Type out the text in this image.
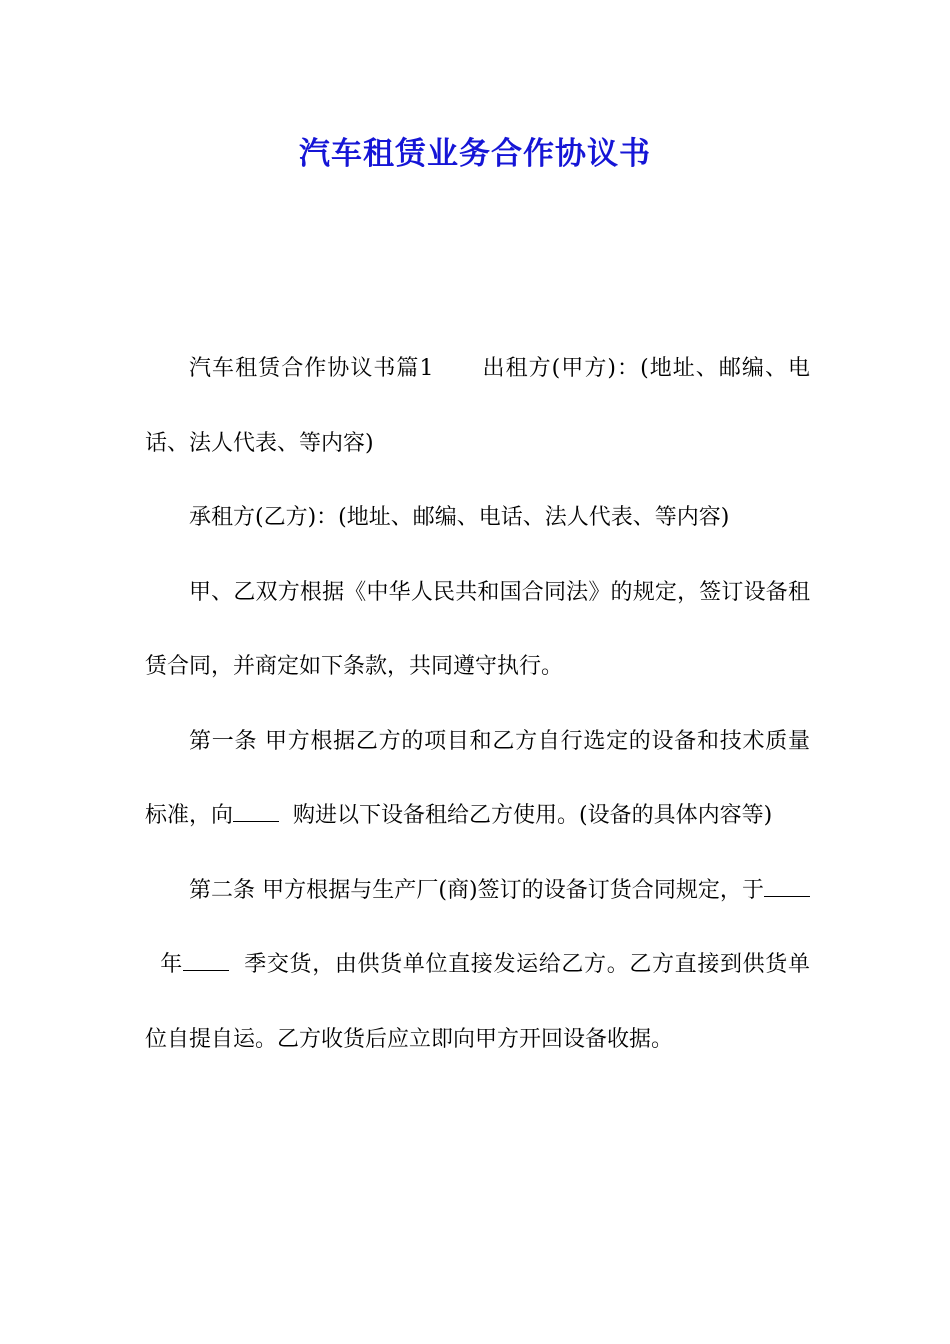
汽车租赁业务合作协议书

汽车租赁合作协议书篇1 出租方(甲方)：(地址、邮编、电话、法人代表、等内容)

承租方(乙方)：(地址、邮编、电话、法人代表、等内容)

甲、乙双方根据《中华人民共和国合同法》的规定，签订设备租赁合同，并商定如下条款，共同遵守执行。

第一条 甲方根据乙方的项目和乙方自行选定的设备和技术质量标准，向	购进以下设备租给乙方使用。(设备的具体内容等)

第二条 甲方根据与生产厂(商)签订的设备订货合同规定，于  年	季交货，由供货单位直接发运给乙方。乙方直接到供货单位自提自运。乙方收货后应立即向甲方开回设备收据。
